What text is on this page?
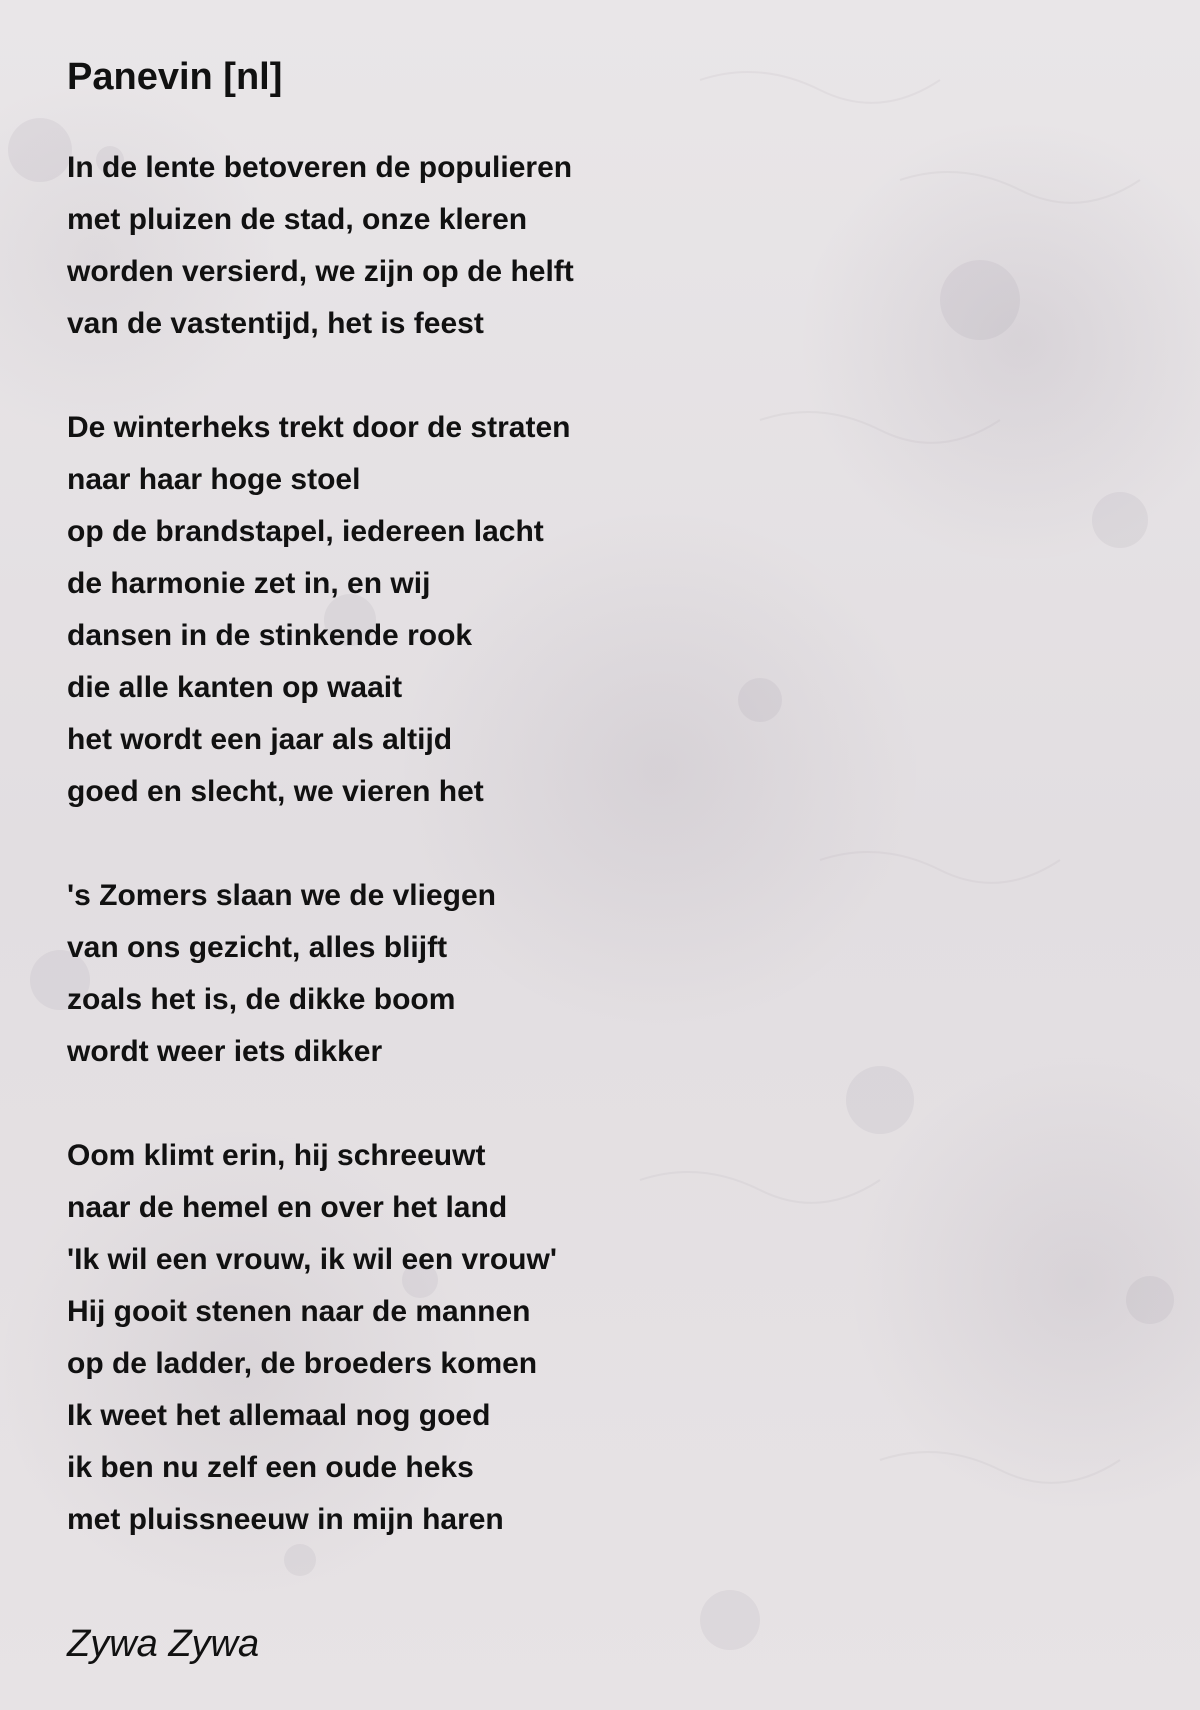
Panevin [nl]
In de lente betoveren de populieren
met pluizen de stad, onze kleren
worden versierd, we zijn op de helft
van de vastentijd, het is feest
De winterheks trekt door de straten
naar haar hoge stoel
op de brandstapel, iedereen lacht
de harmonie zet in, en wij
dansen in de stinkende rook
die alle kanten op waait
het wordt een jaar als altijd
goed en slecht, we vieren het
's Zomers slaan we de vliegen
van ons gezicht, alles blijft
zoals het is, de dikke boom
wordt weer iets dikker
Oom klimt erin, hij schreeuwt
naar de hemel en over het land
'Ik wil een vrouw, ik wil een vrouw'
Hij gooit stenen naar de mannen
op de ladder, de broeders komen
Ik weet het allemaal nog goed
ik ben nu zelf een oude heks
met pluissneeuw in mijn haren
Zywa Zywa
